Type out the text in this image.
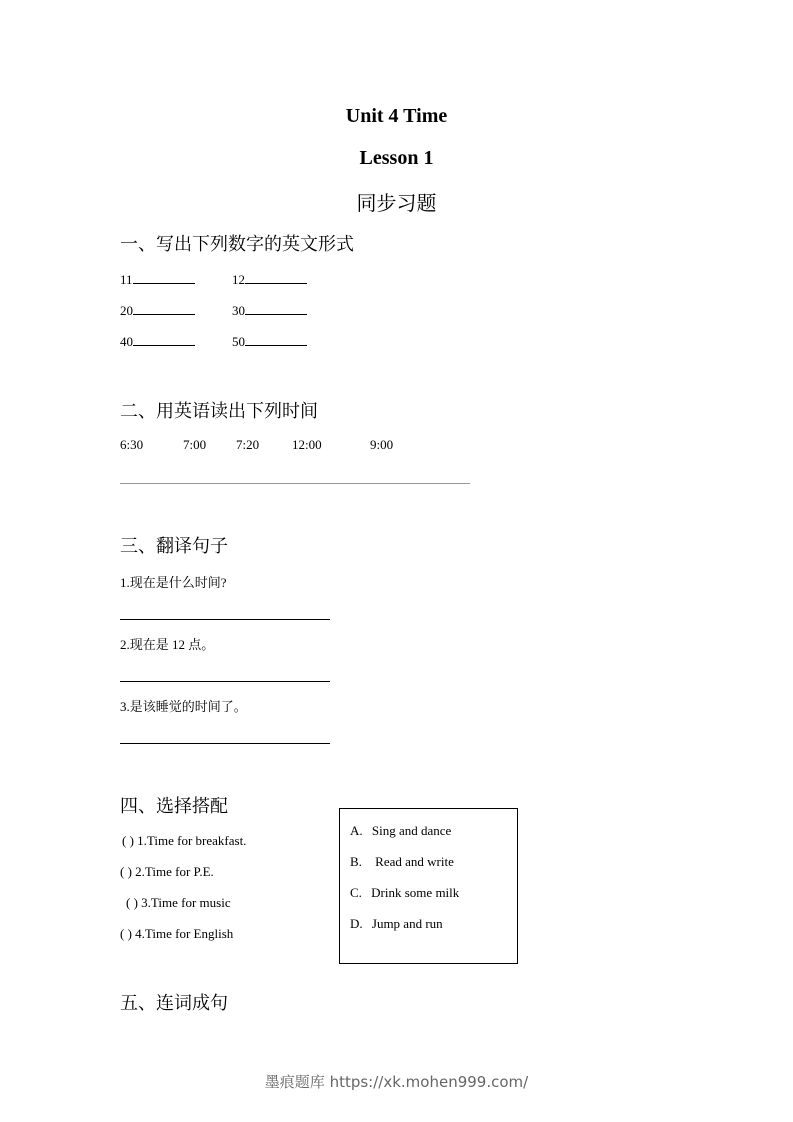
Unit 4 Time
Lesson 1
同步习题
一、写出下列数字的英文形式
11	12
20	30
40	50
二、用英语读出下列时间
6:30	7:00 7:20	12:00	9:00
三、翻译句子
1.现在是什么时间?
2.现在是 12 点。
3.是该睡觉的时间了。
四、选择搭配
( ) 1.Time for breakfast.
( ) 2.Time for P.E.
( ) 3.Time for music
( ) 4.Time for English
A. Sing and dance
B. Read and write
C. Drink some milk
D. Jump and run
五、连词成句
墨痕题库 https://xk.mohen999.com/
